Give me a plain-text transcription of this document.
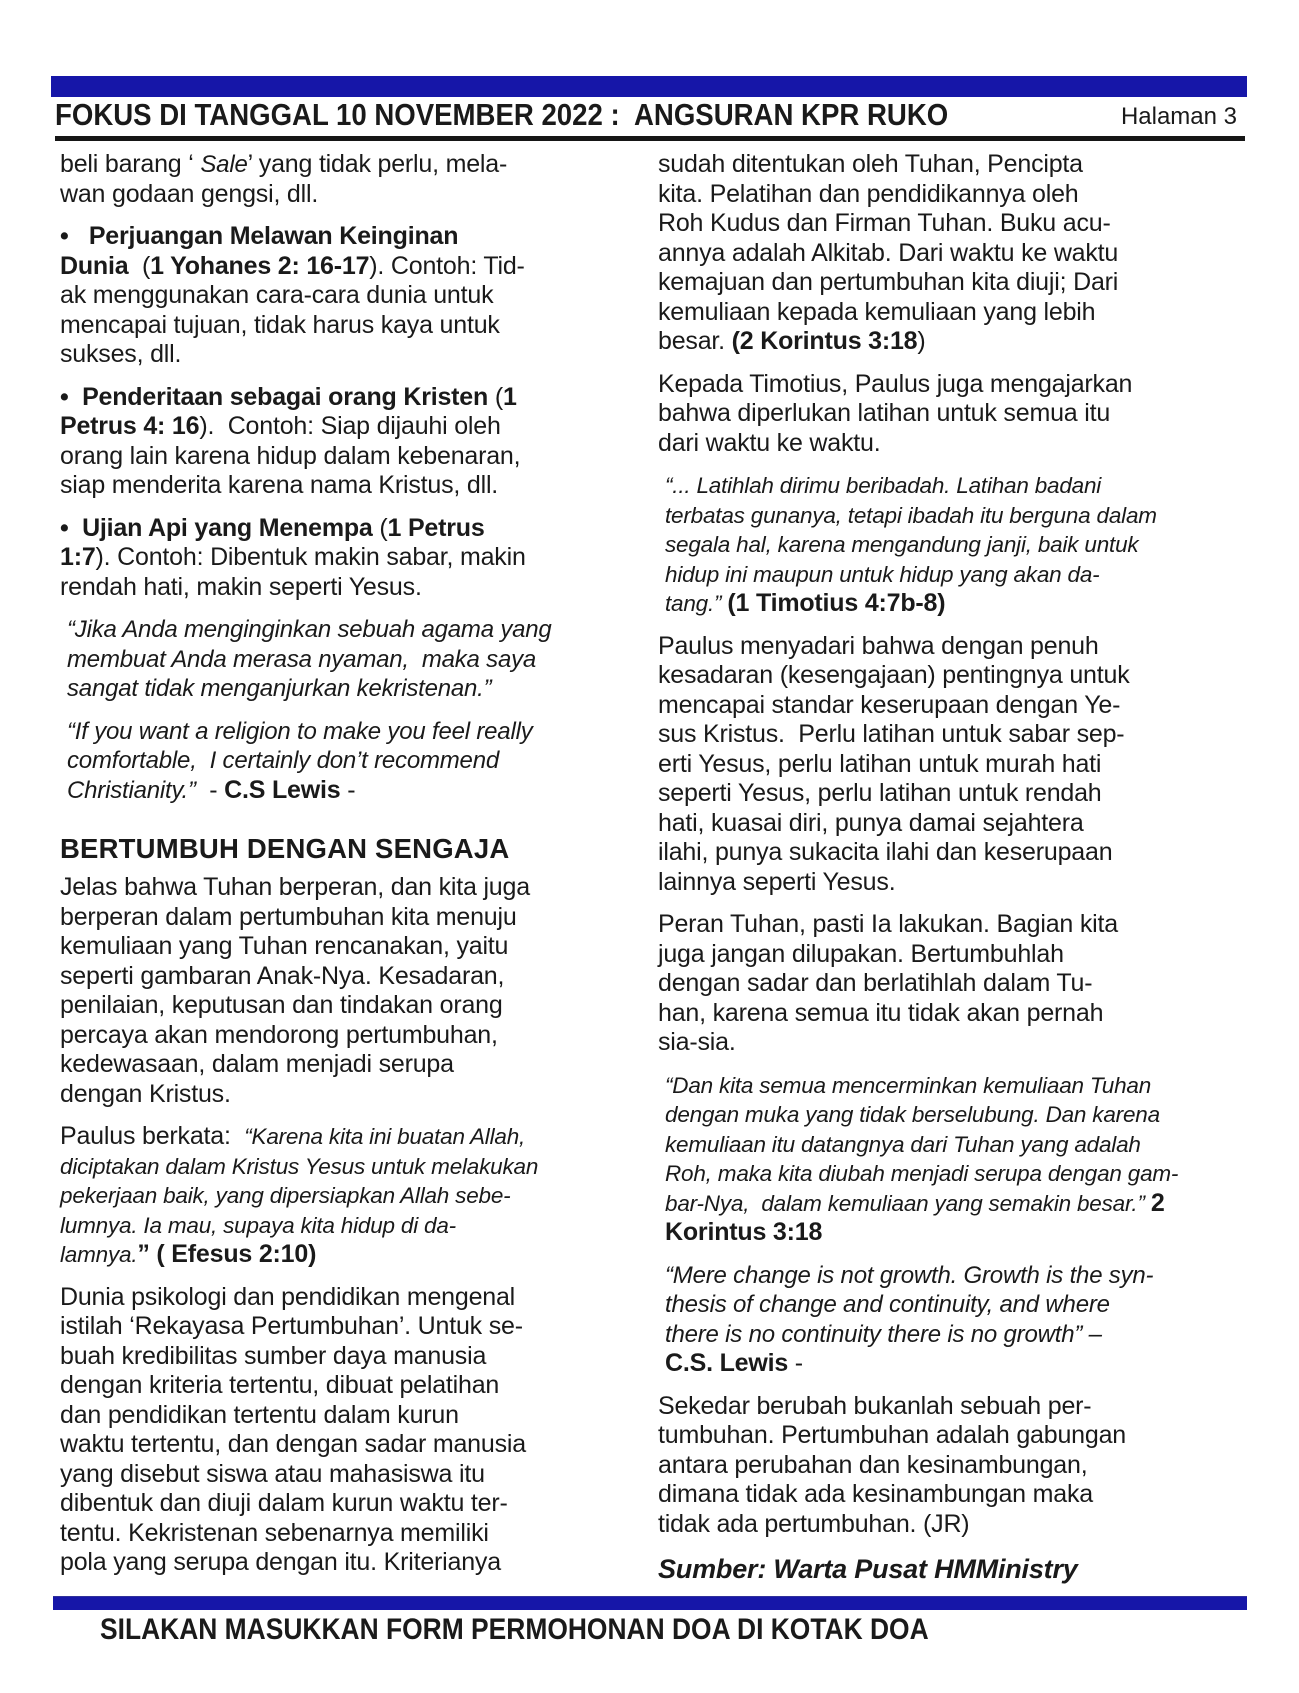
FOKUS DI TANGGAL 10 NOVEMBER 2022 :  ANGSURAN KPR RUKO	Halaman 3
beli barang ‘ Sale’ yang tidak perlu, mela-
wan godaan gengsi, dll.
• Perjuangan Melawan Keinginan
Dunia  (1 Yohanes 2: 16-17). Contoh: Tid-
ak menggunakan cara-cara dunia untuk
mencapai tujuan, tidak harus kaya untuk
sukses, dll.
• Penderitaan sebagai orang Kristen (1
Petrus 4: 16).  Contoh: Siap dijauhi oleh
orang lain karena hidup dalam kebenaran,
siap menderita karena nama Kristus, dll.
• Ujian Api yang Menempa (1 Petrus
1:7). Contoh: Dibentuk makin sabar, makin
rendah hati, makin seperti Yesus.
“Jika Anda menginginkan sebuah agama yang
membuat Anda merasa nyaman,  maka saya
sangat tidak menganjurkan kekristenan.”
“If you want a religion to make you feel really
comfortable,  I certainly don’t recommend
Christianity.”  - C.S Lewis -
BERTUMBUH DENGAN SENGAJA
Jelas bahwa Tuhan berperan, dan kita juga
berperan dalam pertumbuhan kita menuju
kemuliaan yang Tuhan rencanakan, yaitu
seperti gambaran Anak-Nya. Kesadaran,
penilaian, keputusan dan tindakan orang
percaya akan mendorong pertumbuhan,
kedewasaan, dalam menjadi serupa
dengan Kristus.
Paulus berkata:  “Karena kita ini buatan Allah,
diciptakan dalam Kristus Yesus untuk melakukan
pekerjaan baik, yang dipersiapkan Allah sebe-
lumnya. Ia mau, supaya kita hidup di da-
lamnya.” ( Efesus 2:10)
Dunia psikologi dan pendidikan mengenal
istilah ‘Rekayasa Pertumbuhan’. Untuk se-
buah kredibilitas sumber daya manusia
dengan kriteria tertentu, dibuat pelatihan
dan pendidikan tertentu dalam kurun
waktu tertentu, dan dengan sadar manusia
yang disebut siswa atau mahasiswa itu
dibentuk dan diuji dalam kurun waktu ter-
tentu. Kekristenan sebenarnya memiliki
pola yang serupa dengan itu. Kriterianya
sudah ditentukan oleh Tuhan, Pencipta
kita. Pelatihan dan pendidikannya oleh
Roh Kudus dan Firman Tuhan. Buku acu-
annya adalah Alkitab. Dari waktu ke waktu
kemajuan dan pertumbuhan kita diuji; Dari
kemuliaan kepada kemuliaan yang lebih
besar. (2 Korintus 3:18)
Kepada Timotius, Paulus juga mengajarkan
bahwa diperlukan latihan untuk semua itu
dari waktu ke waktu.
“... Latihlah dirimu beribadah. Latihan badani
terbatas gunanya, tetapi ibadah itu berguna dalam
segala hal, karena mengandung janji, baik untuk
hidup ini maupun untuk hidup yang akan da-
tang.” (1 Timotius 4:7b-8)
Paulus menyadari bahwa dengan penuh
kesadaran (kesengajaan) pentingnya untuk
mencapai standar keserupaan dengan Ye-
sus Kristus.  Perlu latihan untuk sabar sep-
erti Yesus, perlu latihan untuk murah hati
seperti Yesus, perlu latihan untuk rendah
hati, kuasai diri, punya damai sejahtera
ilahi, punya sukacita ilahi dan keserupaan
lainnya seperti Yesus.
Peran Tuhan, pasti Ia lakukan. Bagian kita
juga jangan dilupakan. Bertumbuhlah
dengan sadar dan berlatihlah dalam Tu-
han, karena semua itu tidak akan pernah
sia-sia.
“Dan kita semua mencerminkan kemuliaan Tuhan
dengan muka yang tidak berselubung. Dan karena
kemuliaan itu datangnya dari Tuhan yang adalah
Roh, maka kita diubah menjadi serupa dengan gam-
bar-Nya,  dalam kemuliaan yang semakin besar.” 2
Korintus 3:18
“Mere change is not growth. Growth is the syn-
thesis of change and continuity, and where
there is no continuity there is no growth” –
C.S. Lewis -
Sekedar berubah bukanlah sebuah per-
tumbuhan. Pertumbuhan adalah gabungan
antara perubahan dan kesinambungan,
dimana tidak ada kesinambungan maka
tidak ada pertumbuhan. (JR)
Sumber: Warta Pusat HMMinistry
SILAKAN MASUKKAN FORM PERMOHONAN DOA DI KOTAK DOA
